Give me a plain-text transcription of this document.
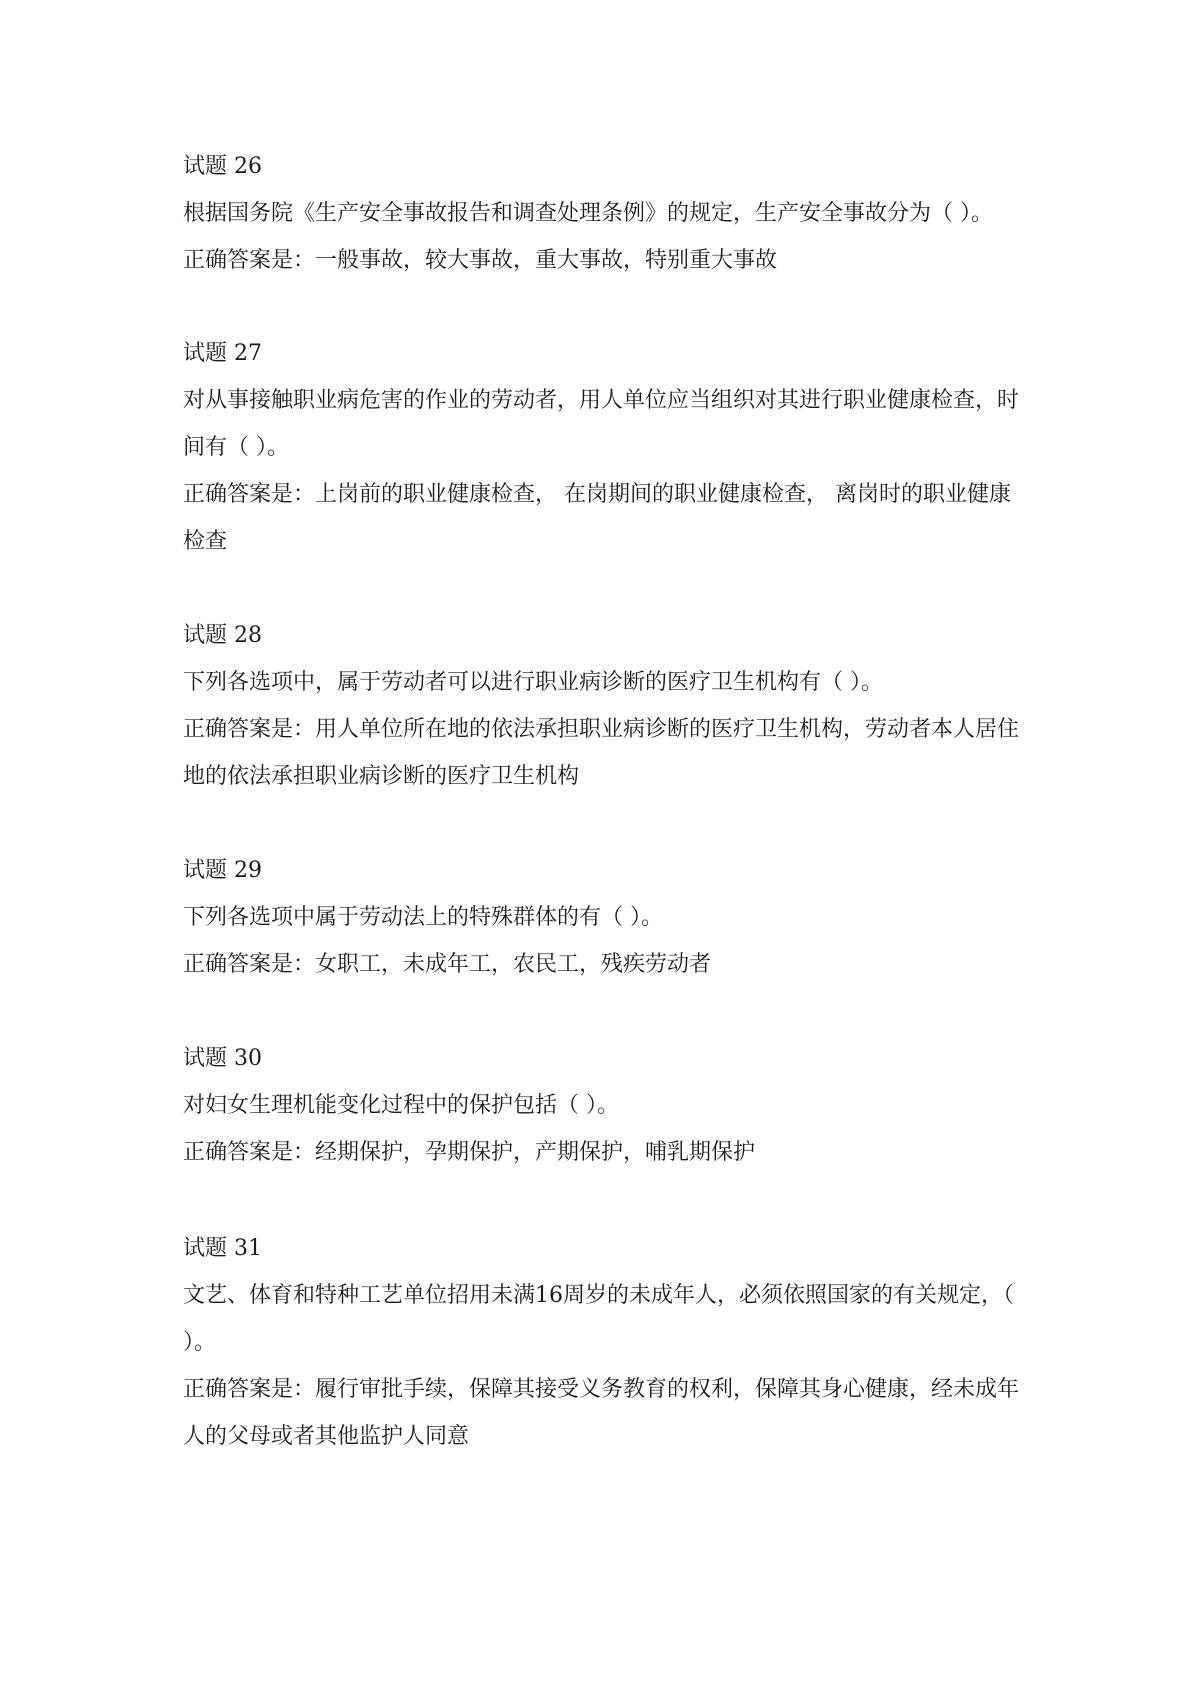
试题 26

根据国务院《生产安全事故报告和调查处理条例》的规定，生产安全事故分为（ ）。

正确答案是：一般事故，较大事故，重大事故，特别重大事故

试题 27

对从事接触职业病危害的作业的劳动者，用人单位应当组织对其进行职业健康检查，时间有（ ）。

正确答案是：上岗前的职业健康检查， 在岗期间的职业健康检查， 离岗时的职业健康检查

试题 28

下列各选项中，属于劳动者可以进行职业病诊断的医疗卫生机构有（ ）。

正确答案是：用人单位所在地的依法承担职业病诊断的医疗卫生机构，劳动者本人居住地的依法承担职业病诊断的医疗卫生机构

试题 29

下列各选项中属于劳动法上的特殊群体的有（ ）。

正确答案是：女职工，未成年工，农民工，残疾劳动者

试题 30

对妇女生理机能变化过程中的保护包括（ ）。

正确答案是：经期保护，孕期保护，产期保护，哺乳期保护

试题 31

文艺、体育和特种工艺单位招用未满16周岁的未成年人，必须依照国家的有关规定，（ ）。

正确答案是：履行审批手续，保障其接受义务教育的权利，保障其身心健康，经未成年人的父母或者其他监护人同意
